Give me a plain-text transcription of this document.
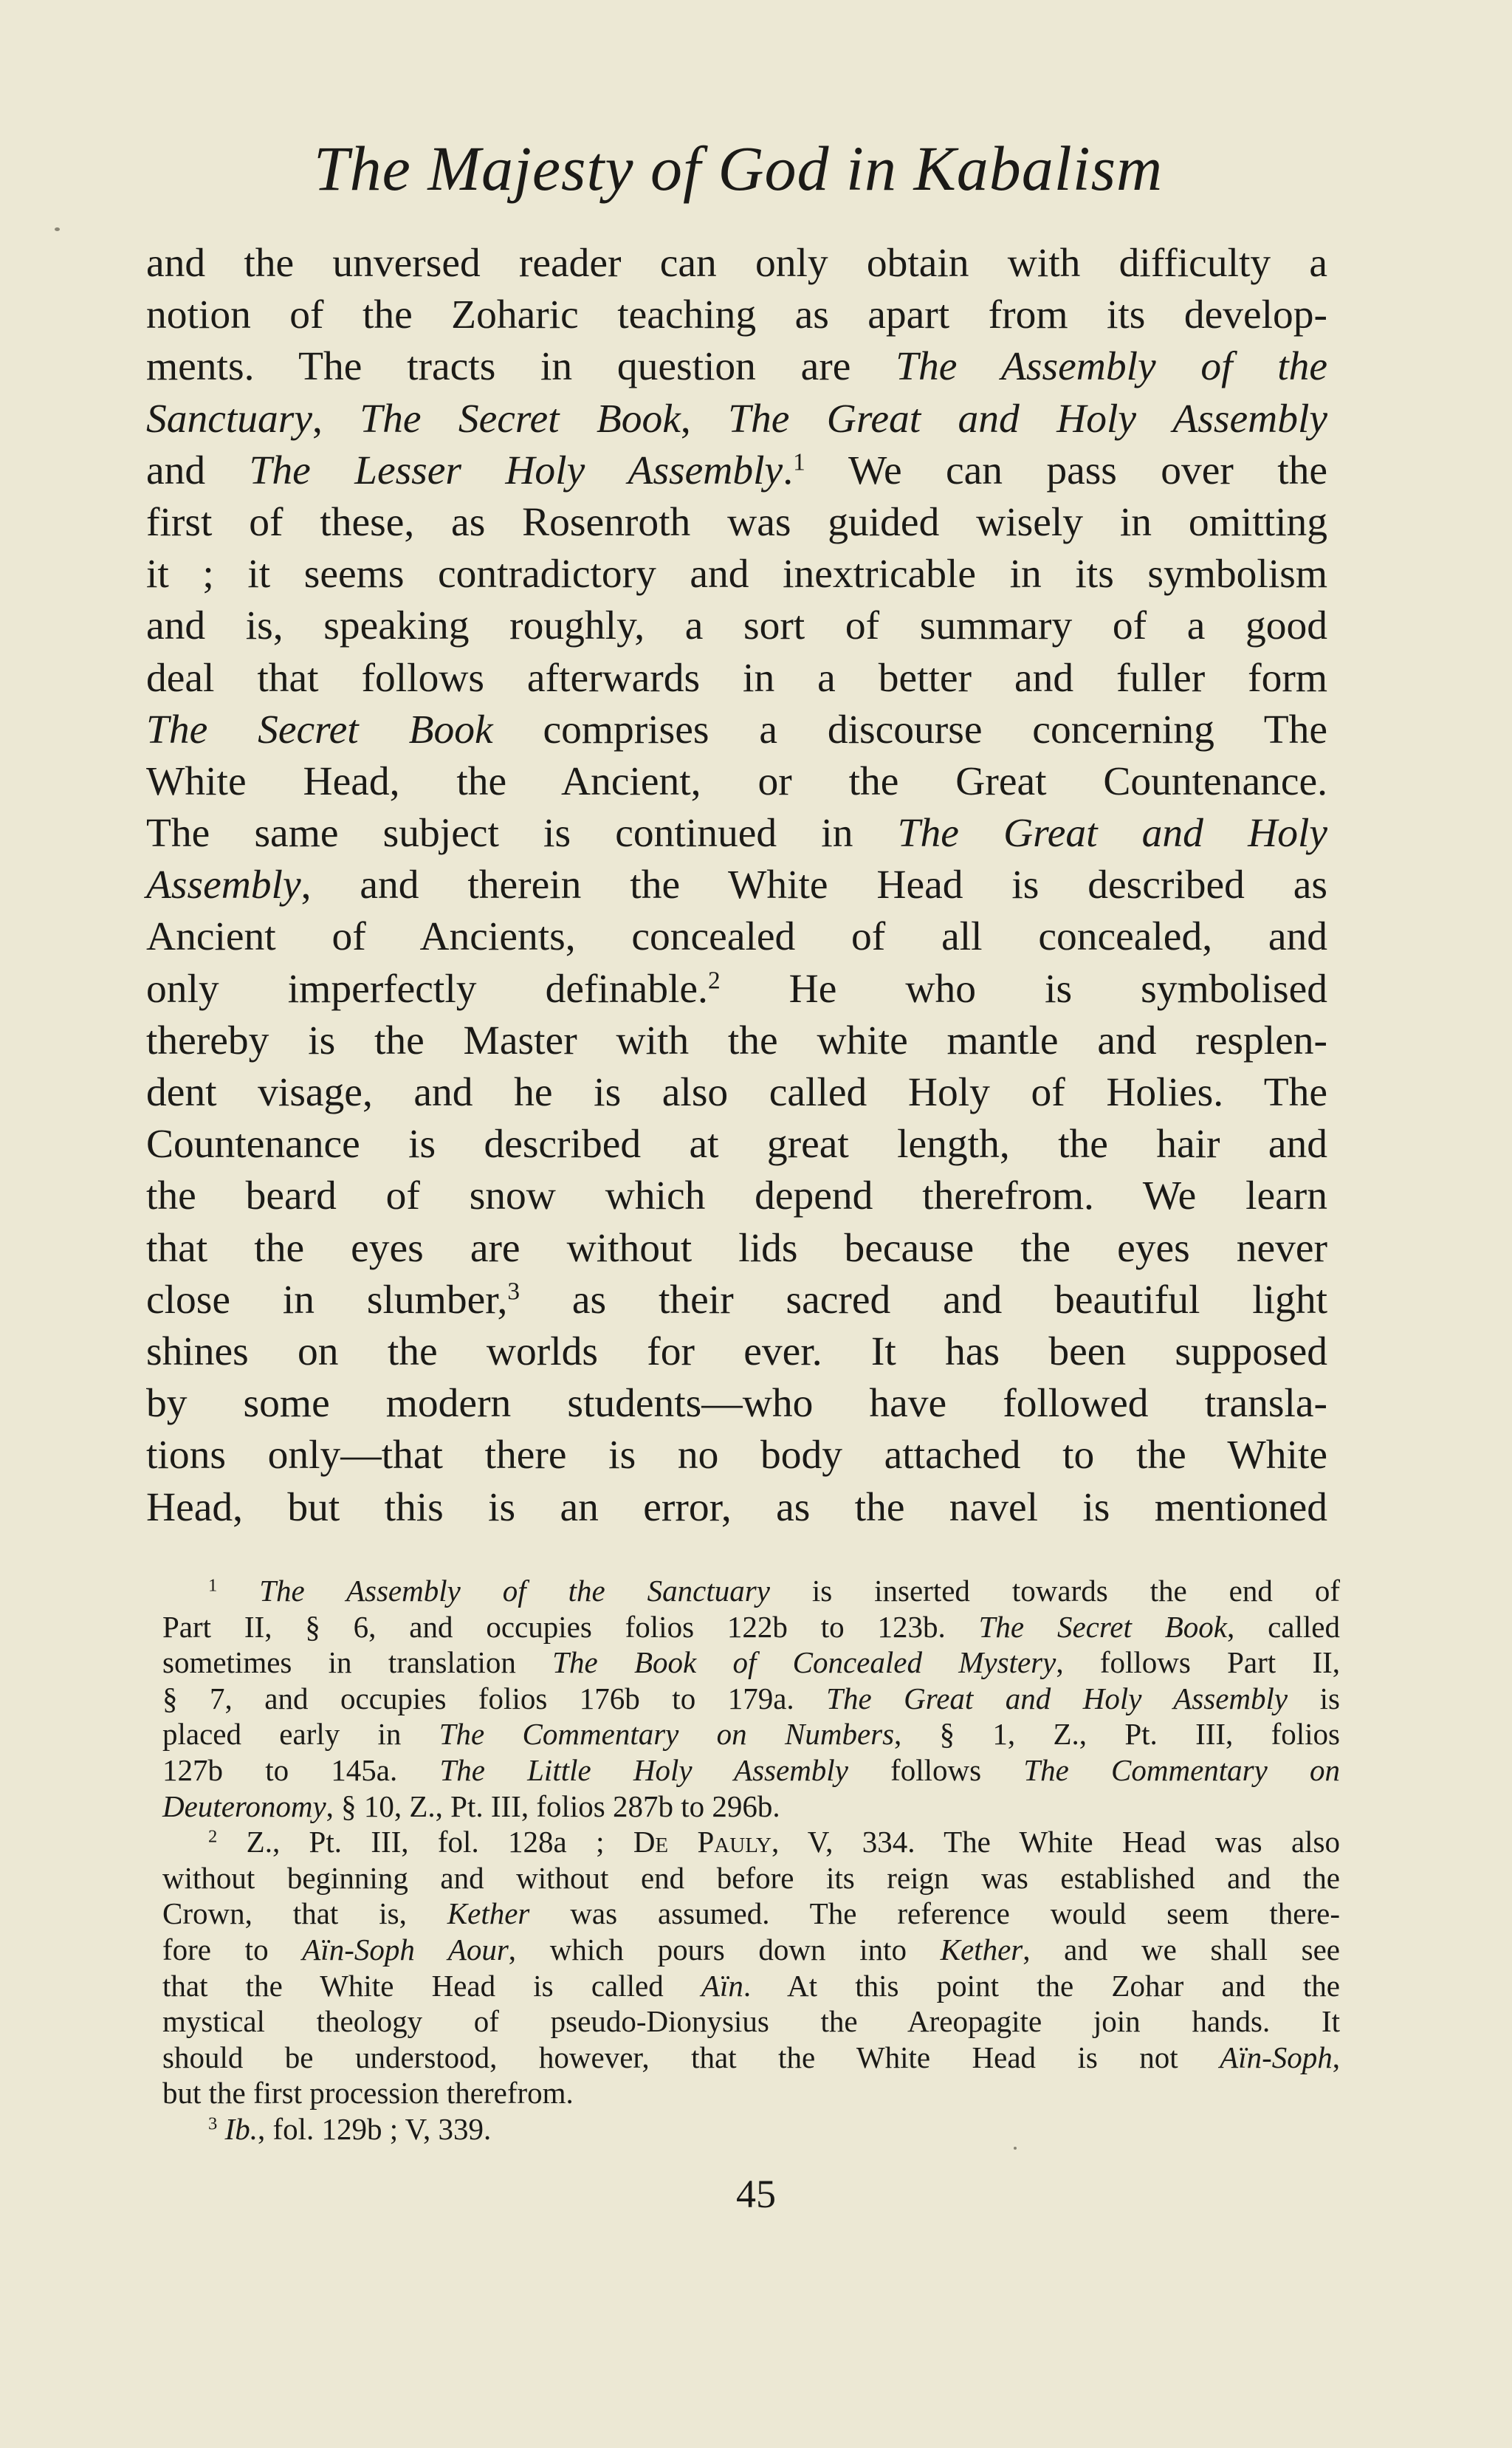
The Majesty of God in Kabalism
and the unversed reader can only obtain with difficulty a
notion of the Zoharic teaching as apart from its develop-
ments. The tracts in question are The Assembly of the
Sanctuary, The Secret Book, The Great and Holy Assembly
and The Lesser Holy Assembly.$^1$ We can pass over the
first of these, as Rosenroth was guided wisely in omitting
it ; it seems contradictory and inextricable in its symbolism
and is, speaking roughly, a sort of summary of a good
deal that follows afterwards in a better and fuller form
The Secret Book comprises a discourse concerning The
White Head, the Ancient, or the Great Countenance.
The same subject is continued in The Great and Holy
Assembly, and therein the White Head is described as
Ancient of Ancients, concealed of all concealed, and
only imperfectly definable.$^2$ He who is symbolised
thereby is the Master with the white mantle and resplen-
dent visage, and he is also called Holy of Holies. The
Countenance is described at great length, the hair and
the beard of snow which depend therefrom. We learn
that the eyes are without lids because the eyes never
close in slumber,$^3$ as their sacred and beautiful light
shines on the worlds for ever. It has been supposed
by some modern students—who have followed transla-
tions only—that there is no body attached to the White
Head, but this is an error, as the navel is mentioned
$^1$ The Assembly of the Sanctuary is inserted towards the end of
Part II, § 6, and occupies folios 122b to 123b. The Secret Book, called
sometimes in translation The Book of Concealed Mystery, follows Part II,
§ 7, and occupies folios 176b to 179a. The Great and Holy Assembly is
placed early in The Commentary on Numbers, § 1, Z., Pt. III, folios
127b to 145a. The Little Holy Assembly follows The Commentary on
Deuteronomy, § 10, Z., Pt. III, folios 287b to 296b.
$^2$ Z., Pt. III, fol. 128a ; De Pauly, V, 334. The White Head was also
without beginning and without end before its reign was established and the
Crown, that is, Kether was assumed. The reference would seem there-
fore to Aïn-Soph Aour, which pours down into Kether, and we shall see
that the White Head is called Aïn. At this point the Zohar and the
mystical theology of pseudo-Dionysius the Areopagite join hands. It
should be understood, however, that the White Head is not Aïn-Soph,
but the first procession therefrom.
$^3$ Ib., fol. 129b ; V, 339.
45
